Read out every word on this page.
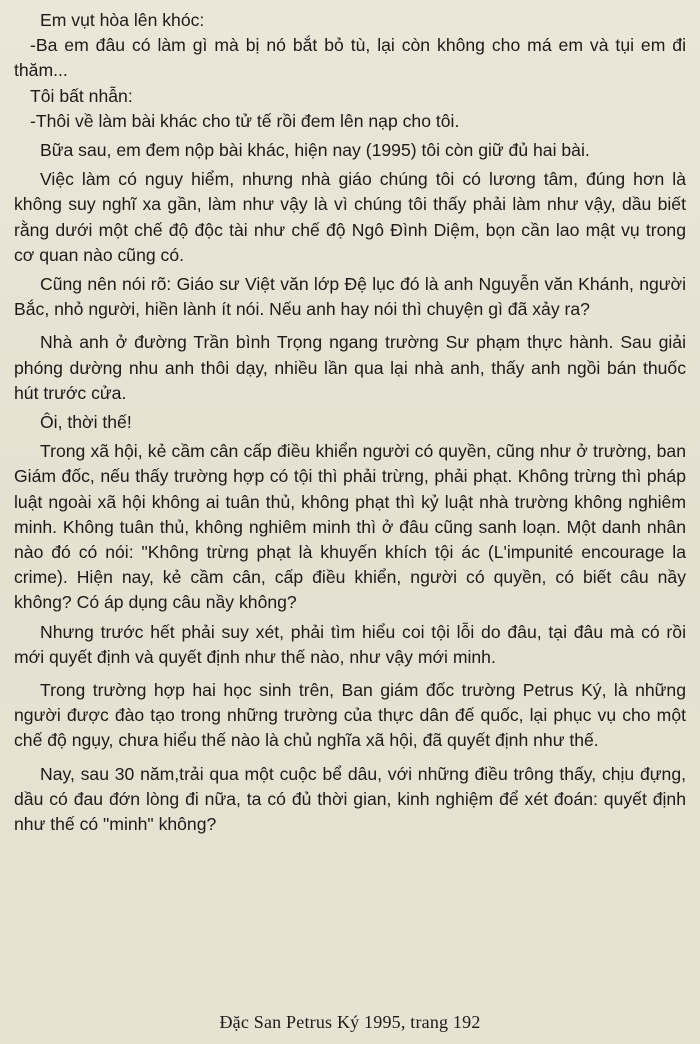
Em vụt hòa lên khóc:

-Ba em đâu có làm gì mà bị nó bắt bỏ tù, lại còn không cho má em và tụi em đi thăm...

Tôi bất nhẫn:

-Thôi về làm bài khác cho tử tế rồi đem lên nạp cho tôi.

Bữa sau, em đem nộp bài khác, hiện nay (1995) tôi còn giữ đủ hai bài.

Việc làm có nguy hiểm, nhưng nhà giáo chúng tôi có lương tâm, đúng hơn là không suy nghĩ xa gần, làm như vậy là vì chúng tôi thấy phải làm như vậy, dầu biết rằng dưới một chế độ độc tài như chế độ Ngô Đình Diệm, bọn cần lao mật vụ trong cơ quan nào cũng có.

Cũng nên nói rõ: Giáo sư Việt văn lớp Đệ lục đó là anh Nguyễn văn Khánh, người Bắc, nhỏ người, hiền lành ít nói. Nếu anh hay nói thì chuyện gì đã xảy ra?

Nhà anh ở đường Trần bình Trọng ngang trường Sư phạm thực hành. Sau giải phóng dường nhu anh thôi dạy, nhiều lần qua lại nhà anh, thấy anh ngồi bán thuốc hút trước cửa.

Ôi, thời thế!

Trong xã hội, kẻ cầm cân cấp điều khiển người có quyền, cũng như ở trường, ban Giám đốc, nếu thấy trường hợp có tội thì phải trừng, phải phạt. Không trừng thì pháp luật ngoài xã hội không ai tuân thủ, không phạt thì kỷ luật nhà trường không nghiêm minh. Không tuân thủ, không nghiêm minh thì ở đâu cũng sanh loạn. Một danh nhân nào đó có nói: "Không trừng phạt là khuyến khích tội ác (L'impunité encourage la crime). Hiện nay, kẻ cầm cân, cấp điều khiển, người có quyền, có biết câu nầy không? Có áp dụng câu nầy không?

Nhưng trước hết phải suy xét, phải tìm hiểu coi tội lỗi do đâu, tại đâu mà có rồi mới quyết định và quyết định như thế nào, như vậy mới minh.

Trong trường hợp hai học sinh trên, Ban giám đốc trường Petrus Ký, là những người được đào tạo trong những trường của thực dân đế quốc, lại phục vụ cho một chế độ ngụy, chưa hiểu thế nào là chủ nghĩa xã hội, đã quyết định như thế.

Nay, sau 30 năm,trải qua một cuộc bể dâu, với những điều trông thấy, chịu đựng, dầu có đau đớn lòng đi nữa, ta có đủ thời gian, kinh nghiệm để xét đoán: quyết định như thế có "minh" không?

Đặc San Petrus Ký 1995, trang 192
